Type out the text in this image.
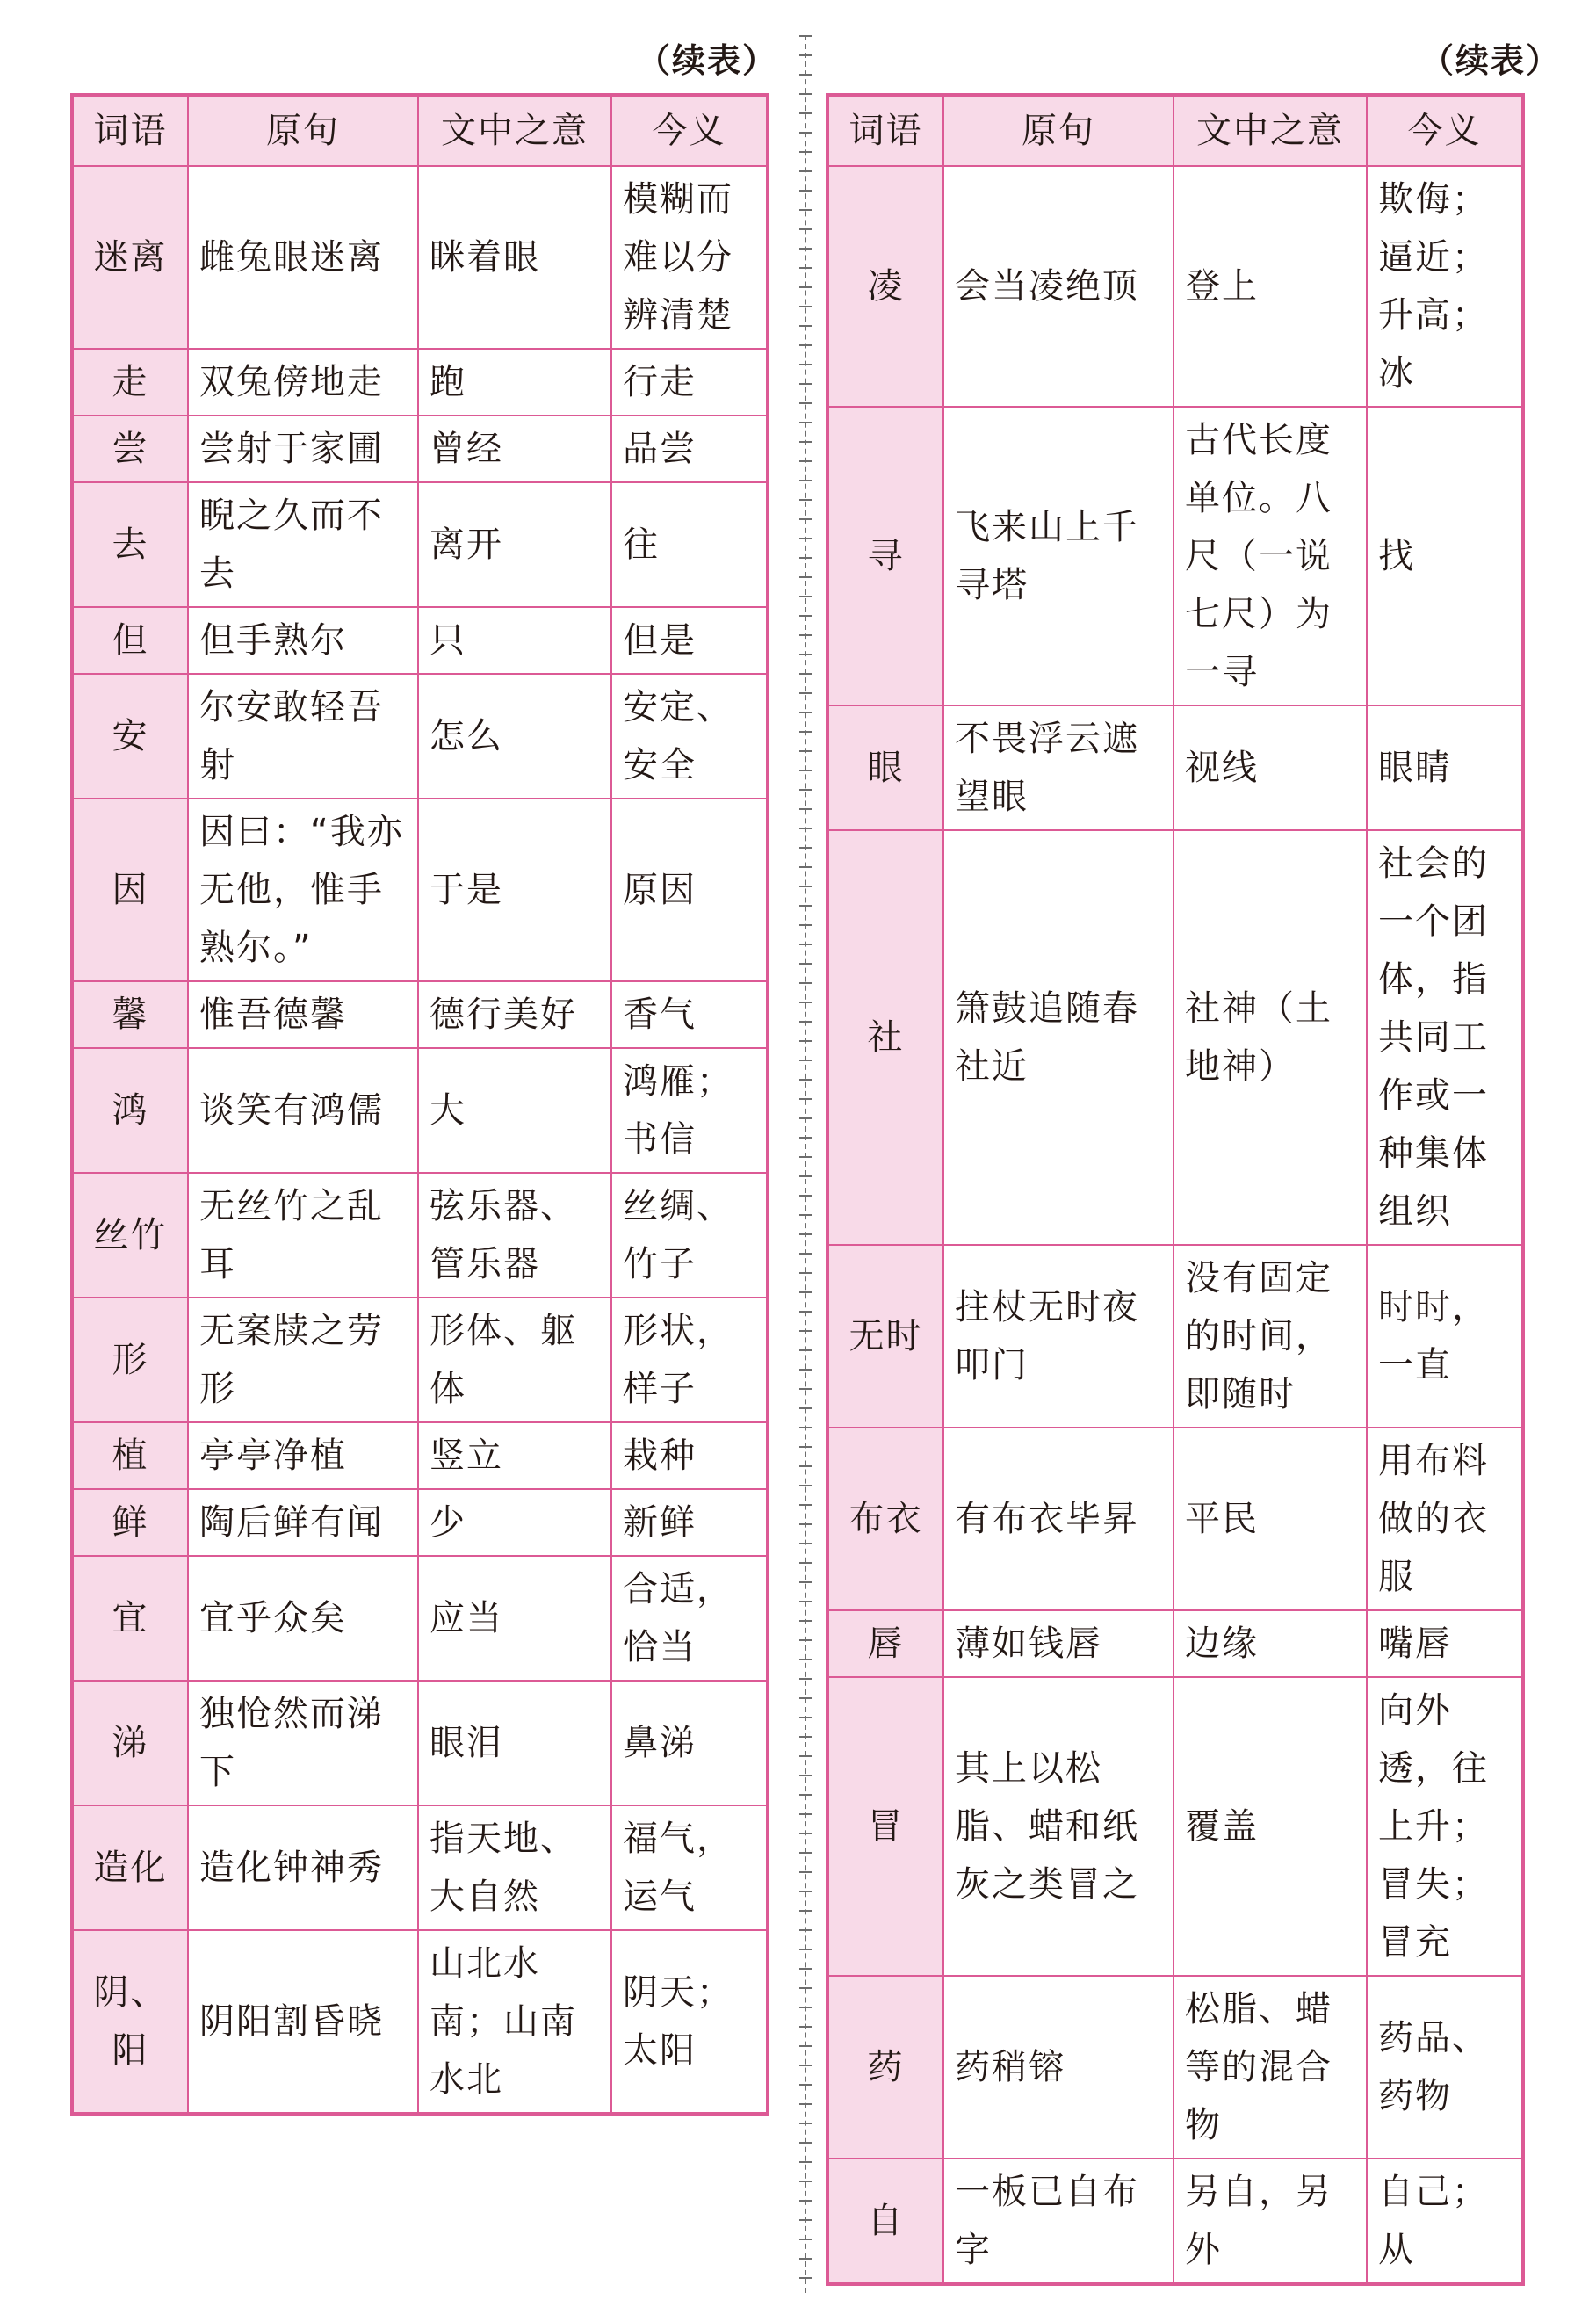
（续表）	（续表）
词语	原句	文中之意	今义
迷离	雌兔眼迷离	眯着眼	模糊而难以分辨清楚
走	双兔傍地走	跑	行走
尝	尝射于家圃	曾经	品尝
去	睨之久而不去	离开	往
但	但手熟尔	只	但是
安	尔安敢轻吾射	怎么	安定、安全
因	因曰：“我亦无他，惟手熟尔。”	于是	原因
馨	惟吾德馨	德行美好	香气
鸿	谈笑有鸿儒	大	鸿雁；书信
丝竹	无丝竹之乱耳	弦乐器、管乐器	丝绸、竹子
形	无案牍之劳形	形体、躯体	形状，样子
植	亭亭净植	竖立	栽种
鲜	陶后鲜有闻	少	新鲜
宜	宜乎众矣	应当	合适，恰当
涕	独怆然而涕下	眼泪	鼻涕
造化	造化钟神秀	指天地、大自然	福气，运气
阴、阳	阴阳割昏晓	山北水南；山南水北	阴天；太阳
词语	原句	文中之意	今义
凌	会当凌绝顶	登上	欺侮；逼近；升高；冰
寻	飞来山上千寻塔	古代长度单位。八尺（一说七尺）为一寻	找
眼	不畏浮云遮望眼	视线	眼睛
社	箫鼓追随春社近	社神（土地神）	社会的一个团体，指共同工作或一种集体组织
无时	拄杖无时夜叩门	没有固定的时间，即随时	时时，一直
布衣	有布衣毕昇	平民	用布料做的衣服
唇	薄如钱唇	边缘	嘴唇
冒	其上以松脂、蜡和纸灰之类冒之	覆盖	向外透，往上升；冒失；冒充
药	药稍镕	松脂、蜡等的混合物	药品、药物
自	一板已自布字	另自，另外	自己；从
